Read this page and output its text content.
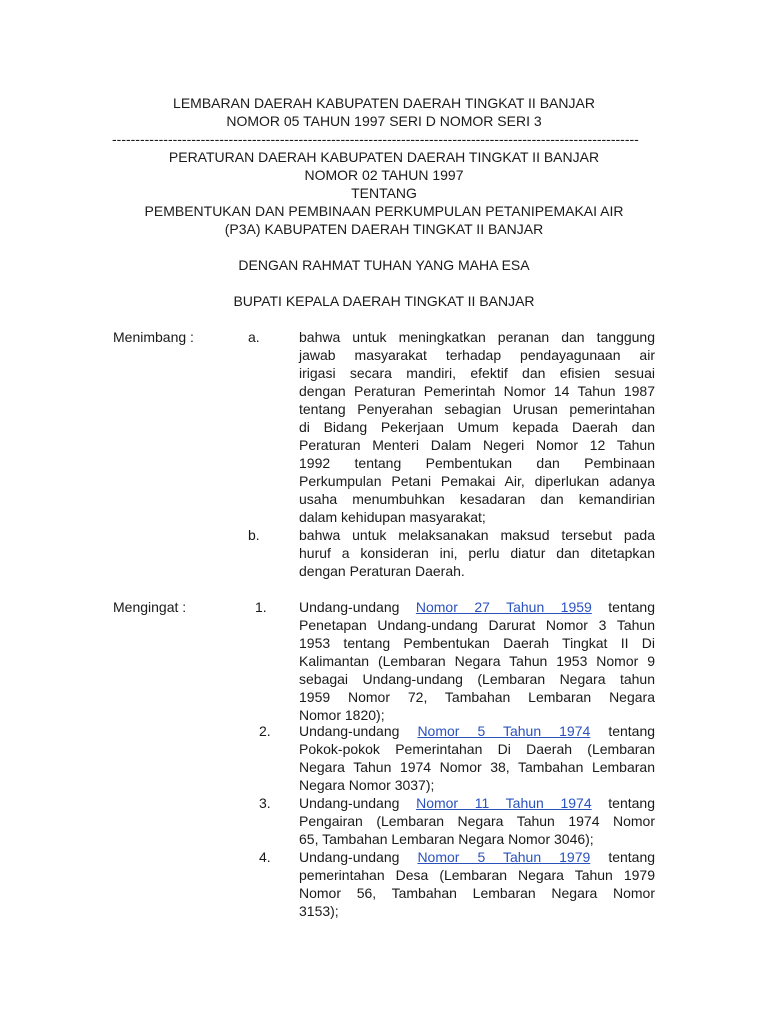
LEMBARAN DAERAH KABUPATEN DAERAH TINGKAT II BANJAR
NOMOR 05 TAHUN 1997 SERI D NOMOR SERI 3
-----------------------------------------------------------------------------------------------------------------
PERATURAN DAERAH KABUPATEN DAERAH TINGKAT II BANJAR
NOMOR 02 TAHUN 1997
TENTANG
PEMBENTUKAN DAN PEMBINAAN PERKUMPULAN PETANIPEMAKAI AIR
(P3A) KABUPATEN DAERAH TINGKAT II BANJAR
DENGAN RAHMAT TUHAN YANG MAHA ESA
BUPATI KEPALA DAERAH TINGKAT II BANJAR
Menimbang :	a.	bahwa untuk meningkatkan peranan dan tanggung
jawab masyarakat terhadap pendayagunaan air
irigasi secara mandiri, efektif dan efisien sesuai
dengan Peraturan Pemerintah Nomor 14 Tahun 1987
tentang Penyerahan sebagian Urusan pemerintahan
di Bidang Pekerjaan Umum kepada Daerah dan
Peraturan Menteri Dalam Negeri Nomor 12 Tahun
1992 tentang Pembentukan dan Pembinaan
Perkumpulan Petani Pemakai Air, diperlukan adanya
usaha menumbuhkan kesadaran dan kemandirian
dalam kehidupan masyarakat;
b.	bahwa untuk melaksanakan maksud tersebut pada
huruf a konsideran ini, perlu diatur dan ditetapkan
dengan Peraturan Daerah.
Mengingat :	1. Undang-undang Nomor 27 Tahun 1959 tentang
Penetapan Undang-undang Darurat Nomor 3 Tahun
1953 tentang Pembentukan Daerah Tingkat II Di
Kalimantan (Lembaran Negara Tahun 1953 Nomor 9
sebagai Undang-undang (Lembaran Negara tahun
1959 Nomor 72, Tambahan Lembaran Negara
Nomor 1820);
2. Undang-undang Nomor 5 Tahun 1974 tentang
Pokok-pokok Pemerintahan Di Daerah (Lembaran
Negara Tahun 1974 Nomor 38, Tambahan Lembaran
Negara Nomor 3037);
3. Undang-undang Nomor 11 Tahun 1974 tentang
Pengairan (Lembaran Negara Tahun 1974 Nomor
65, Tambahan Lembaran Negara Nomor 3046);
4. Undang-undang Nomor 5 Tahun 1979 tentang
pemerintahan Desa (Lembaran Negara Tahun 1979
Nomor 56, Tambahan Lembaran Negara Nomor
3153);
